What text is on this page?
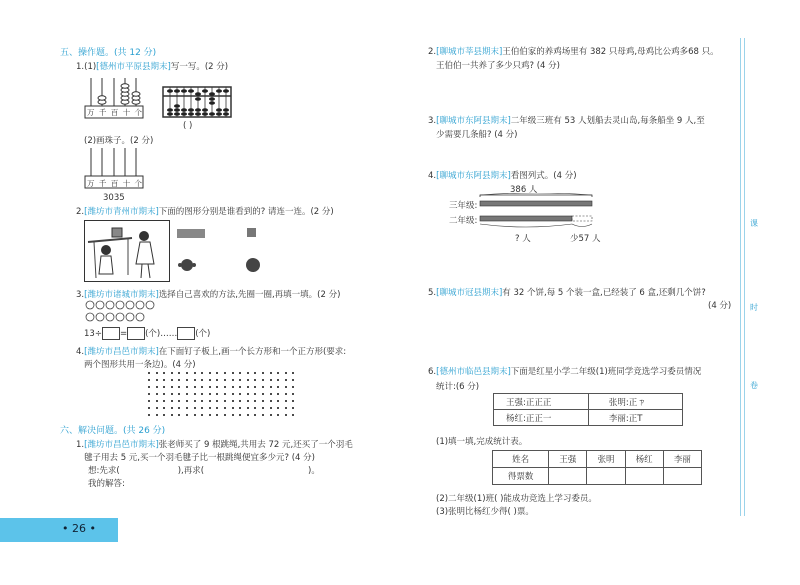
五、操作题。(共 12 分)
1.(1)[德州市平原县期末]写一写。(2 分)
万 千 百 十 个
( )
(2)画珠子。(2 分)
万 千 百 十 个
3035
2.[潍坊市青州市期末]下面的图形分别是谁看到的? 请连一连。(2 分)
3.[潍坊市诸城市期末]选择自己喜欢的方法,先圈一圈,再填一填。(2 分)
13÷ = (个)…… (个)
4.[潍坊市昌邑市期末]在下面钉子板上,画一个长方形和一个正方形(要求:
两个图形共用一条边)。(4 分)
六、解决问题。(共 26 分)
1.[潍坊市昌邑市期末]张老师买了 9 根跳绳,共用去 72 元,还买了一个羽毛
毽子用去 5 元,买一个羽毛毽子比一根跳绳便宜多少元? (4 分)
想:先求(	),再求(	)。
我的解答:
• 26 •
2.[聊城市莘县期末]王伯伯家的养鸡场里有 382 只母鸡,母鸡比公鸡多68 只。
王伯伯一共养了多少只鸡? (4 分)
3.[聊城市东阿县期末]二年级三班有 53 人划船去灵山岛,每条船坐 9 人,至
少需要几条船? (4 分)
4.[聊城市东阿县期末]看图列式。(4 分)
386 人
三年级:
二年级:
? 人	少57 人
5.[聊城市冠县期末]有 32 个饼,每 5 个装一盒,已经装了 6 盒,还剩几个饼?
(4 分)
6.[德州市临邑县期末]下面是红星小学二年级(1)班同学竞选学习委员情况
统计:(6 分)
王强:正正正	张明:正ㄗ
杨红:正正一	李丽:正T
(1)填一填,完成统计表。
姓名	王强	张明	杨红	李丽
得票数				
(2)二年级(1)班( )能成功竞选上学习委员。
(3)张明比杨红少得( )票。
课
时
卷
